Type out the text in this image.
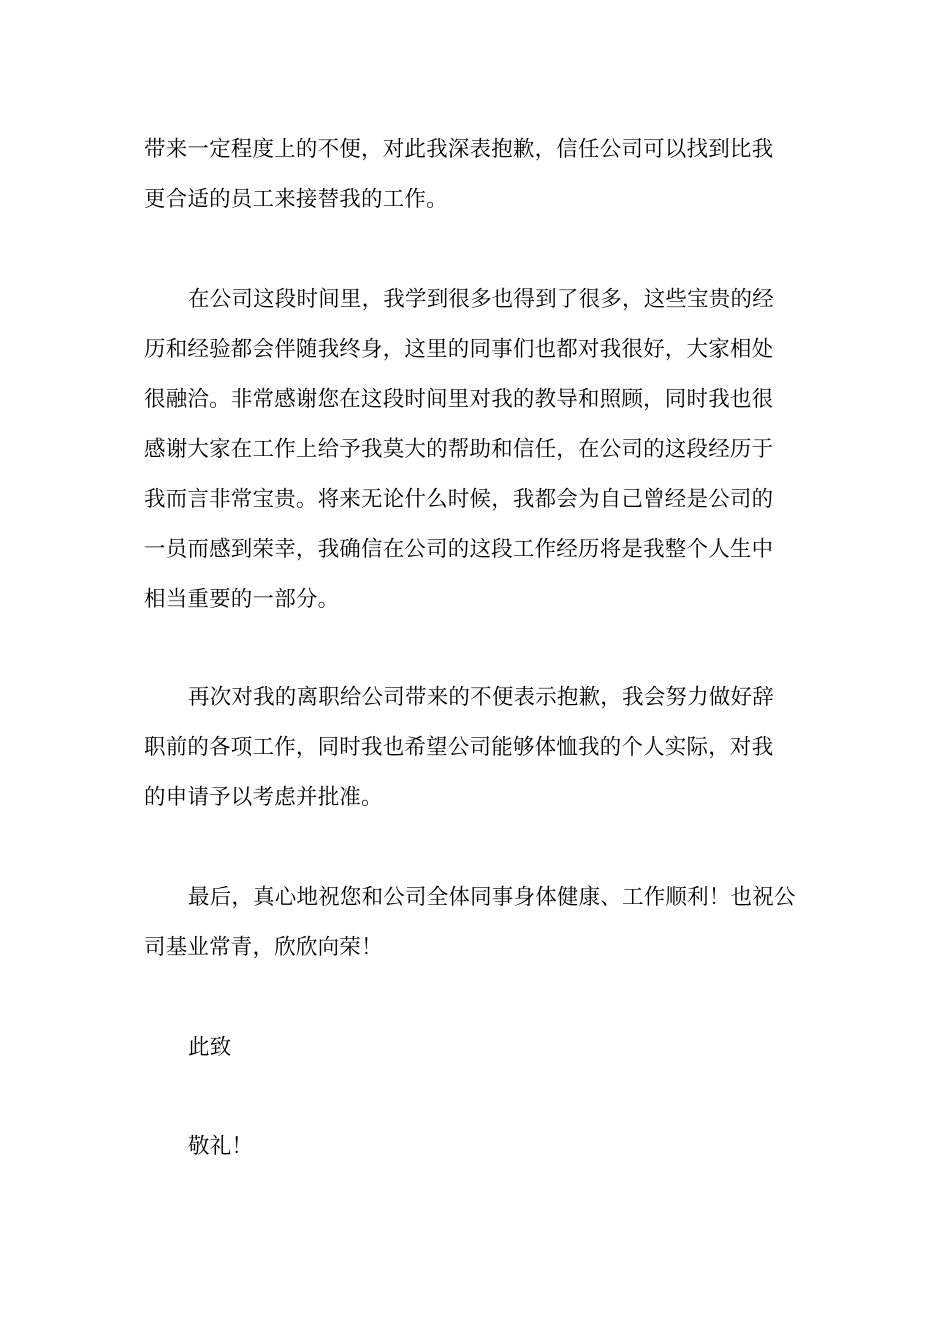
带来一定程度上的不便，对此我深表抱歉，信任公司可以找到比我
更合适的员工来接替我的工作。
在公司这段时间里，我学到很多也得到了很多，这些宝贵的经
历和经验都会伴随我终身，这里的同事们也都对我很好，大家相处
很融洽。非常感谢您在这段时间里对我的教导和照顾，同时我也很
感谢大家在工作上给予我莫大的帮助和信任，在公司的这段经历于
我而言非常宝贵。将来无论什么时候，我都会为自己曾经是公司的
一员而感到荣幸，我确信在公司的这段工作经历将是我整个人生中
相当重要的一部分。
再次对我的离职给公司带来的不便表示抱歉，我会努力做好辞
职前的各项工作，同时我也希望公司能够体恤我的个人实际，对我
的申请予以考虑并批准。
最后，真心地祝您和公司全体同事身体健康、工作顺利！也祝公
司基业常青，欣欣向荣！
此致
敬礼！
